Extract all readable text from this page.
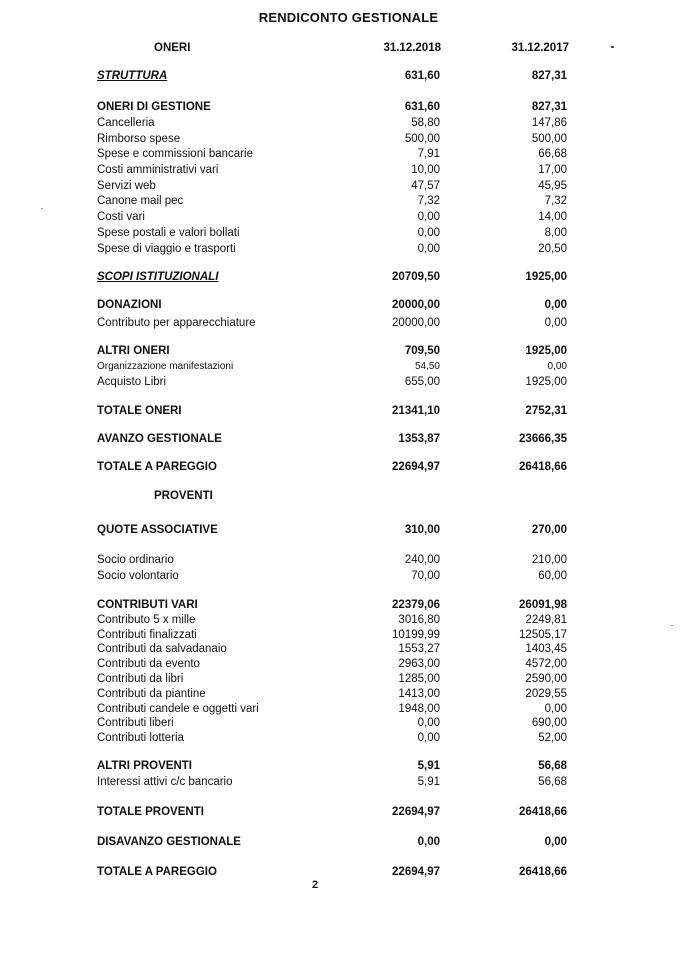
RENDICONTO GESTIONALE
ONERI	31.12.2018	31.12.2017
STRUTTURA	631,60	827,31
ONERI DI GESTIONE	631,60	827,31
Cancelleria	58,80	147,86
Rimborso spese	500,00	500,00
Spese e commissioni bancarie	7,91	66,68
Costi amministrativi vari	10,00	17,00
Servizi web	47,57	45,95
Canone mail pec	7,32	7,32
Costi vari	0,00	14,00
Spese postali e valori bollati	0,00	8,00
Spese di viaggio e trasporti	0,00	20,50
SCOPI ISTITUZIONALI	20709,50	1925,00
DONAZIONI	20000,00	0,00
Contributo per apparecchiature	20000,00	0,00
ALTRI ONERI	709,50	1925,00
Organizzazione manifestazioni	54,50	0,00
Acquisto Libri	655,00	1925,00
TOTALE ONERI	21341,10	2752,31
AVANZO GESTIONALE	1353,87	23666,35
TOTALE A PAREGGIO	22694,97	26418,66
PROVENTI
QUOTE ASSOCIATIVE	310,00	270,00
Socio ordinario	240,00	210,00
Socio volontario	70,00	60,00
CONTRIBUTI VARI	22379,06	26091,98
Contributo 5 x mille	3016,80	2249,81
Contributi finalizzati	10199,99	12505,17
Contributi da salvadanaio	1553,27	1403,45
Contributi da evento	2963,00	4572,00
Contributi da libri	1285,00	2590,00
Contributi da piantine	1413,00	2029,55
Contributi candele e oggetti vari	1948,00	0,00
Contributi liberi	0,00	690,00
Contributi lotteria	0,00	52,00
ALTRI PROVENTI	5,91	56,68
Interessi attivi c/c bancario	5,91	56,68
TOTALE PROVENTI	22694,97	26418,66
DISAVANZO GESTIONALE	0,00	0,00
TOTALE A PAREGGIO	22694,97	26418,66
2
